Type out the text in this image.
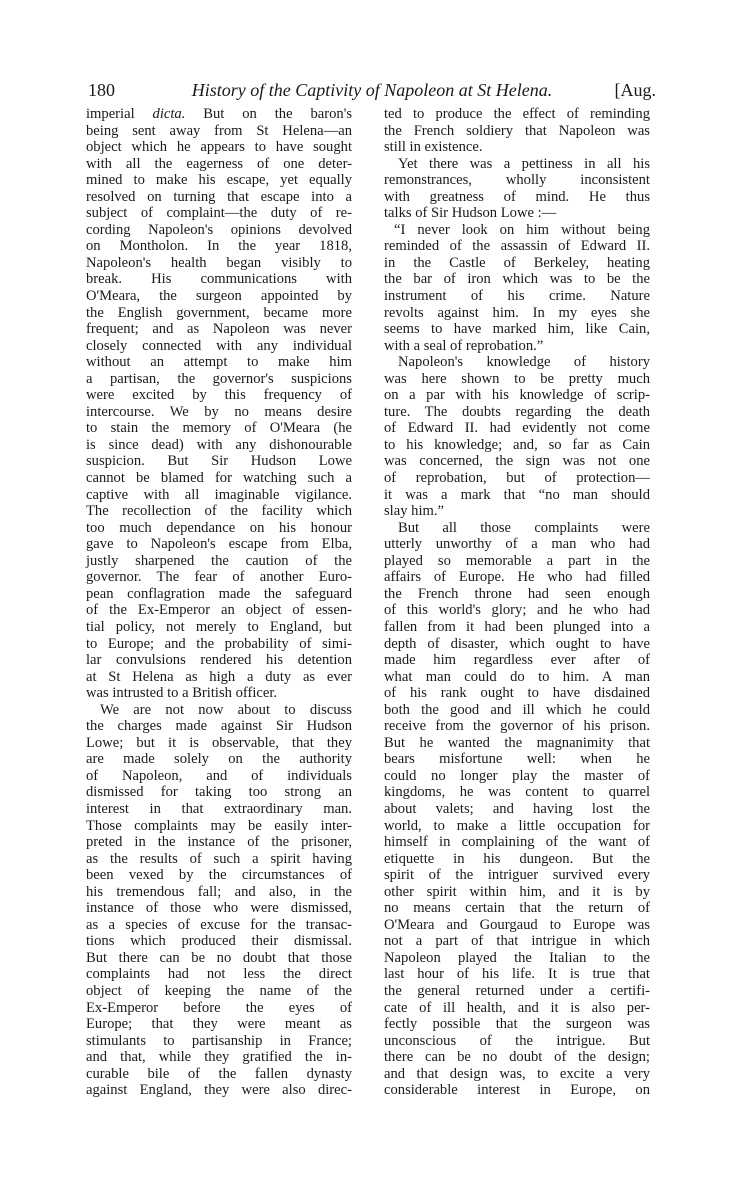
180	History of the Captivity of Napoleon at St Helena.	[Aug.
imperial dicta. But on the baron's
being sent away from St Helena—an
object which he appears to have sought
with all the eagerness of one deter-
mined to make his escape, yet equally
resolved on turning that escape into a
subject of complaint—the duty of re-
cording Napoleon's opinions devolved
on Montholon. In the year 1818,
Napoleon's health began visibly to
break. His communications with
O'Meara, the surgeon appointed by
the English government, became more
frequent; and as Napoleon was never
closely connected with any individual
without an attempt to make him
a partisan, the governor's suspicions
were excited by this frequency of
intercourse. We by no means desire
to stain the memory of O'Meara (he
is since dead) with any dishonourable
suspicion. But Sir Hudson Lowe
cannot be blamed for watching such a
captive with all imaginable vigilance.
The recollection of the facility which
too much dependance on his honour
gave to Napoleon's escape from Elba,
justly sharpened the caution of the
governor. The fear of another Euro-
pean conflagration made the safeguard
of the Ex-Emperor an object of essen-
tial policy, not merely to England, but
to Europe; and the probability of simi-
lar convulsions rendered his detention
at St Helena as high a duty as ever
was intrusted to a British officer.
We are not now about to discuss
the charges made against Sir Hudson
Lowe; but it is observable, that they
are made solely on the authority
of Napoleon, and of individuals
dismissed for taking too strong an
interest in that extraordinary man.
Those complaints may be easily inter-
preted in the instance of the prisoner,
as the results of such a spirit having
been vexed by the circumstances of
his tremendous fall; and also, in the
instance of those who were dismissed,
as a species of excuse for the transac-
tions which produced their dismissal.
But there can be no doubt that those
complaints had not less the direct
object of keeping the name of the
Ex-Emperor before the eyes of
Europe; that they were meant as
stimulants to partisanship in France;
and that, while they gratified the in-
curable bile of the fallen dynasty
against England, they were also direc-
ted to produce the effect of reminding
the French soldiery that Napoleon was
still in existence.
Yet there was a pettiness in all his
remonstrances, wholly inconsistent
with greatness of mind. He thus
talks of Sir Hudson Lowe :—
“I never look on him without being
reminded of the assassin of Edward II.
in the Castle of Berkeley, heating
the bar of iron which was to be the
instrument of his crime. Nature
revolts against him. In my eyes she
seems to have marked him, like Cain,
with a seal of reprobation.”
Napoleon's knowledge of history
was here shown to be pretty much
on a par with his knowledge of scrip-
ture. The doubts regarding the death
of Edward II. had evidently not come
to his knowledge; and, so far as Cain
was concerned, the sign was not one
of reprobation, but of protection—
it was a mark that “no man should
slay him.”
But all those complaints were
utterly unworthy of a man who had
played so memorable a part in the
affairs of Europe. He who had filled
the French throne had seen enough
of this world's glory; and he who had
fallen from it had been plunged into a
depth of disaster, which ought to have
made him regardless ever after of
what man could do to him. A man
of his rank ought to have disdained
both the good and ill which he could
receive from the governor of his prison.
But he wanted the magnanimity that
bears misfortune well: when he
could no longer play the master of
kingdoms, he was content to quarrel
about valets; and having lost the
world, to make a little occupation for
himself in complaining of the want of
etiquette in his dungeon. But the
spirit of the intriguer survived every
other spirit within him, and it is by
no means certain that the return of
O'Meara and Gourgaud to Europe was
not a part of that intrigue in which
Napoleon played the Italian to the
last hour of his life. It is true that
the general returned under a certifi-
cate of ill health, and it is also per-
fectly possible that the surgeon was
unconscious of the intrigue. But
there can be no doubt of the design;
and that design was, to excite a very
considerable interest in Europe, on
